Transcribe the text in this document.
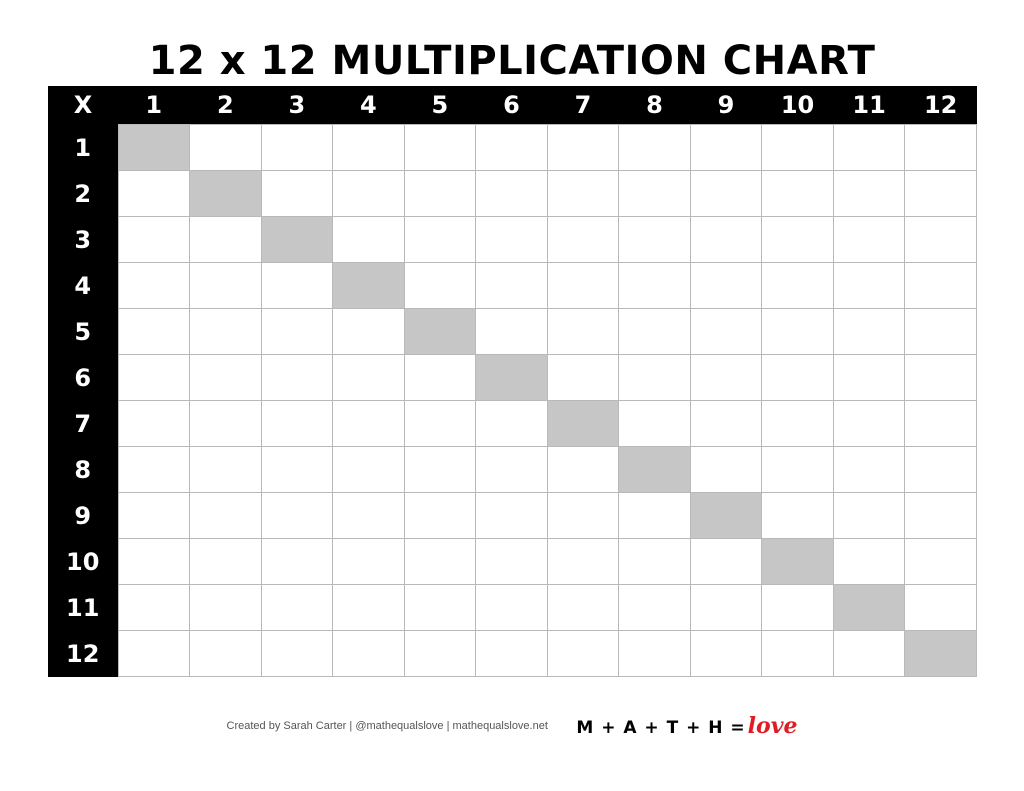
12 x 12 MULTIPLICATION CHART
X	1	2	3	4	5	6	7	8	9	10	11	12
1												
2												
3												
4												
5												
6												
7												
8												
9												
10												
11												
12												
Created by Sarah Carter | @mathequalslove | mathequalslove.net M + A + T + H =love
